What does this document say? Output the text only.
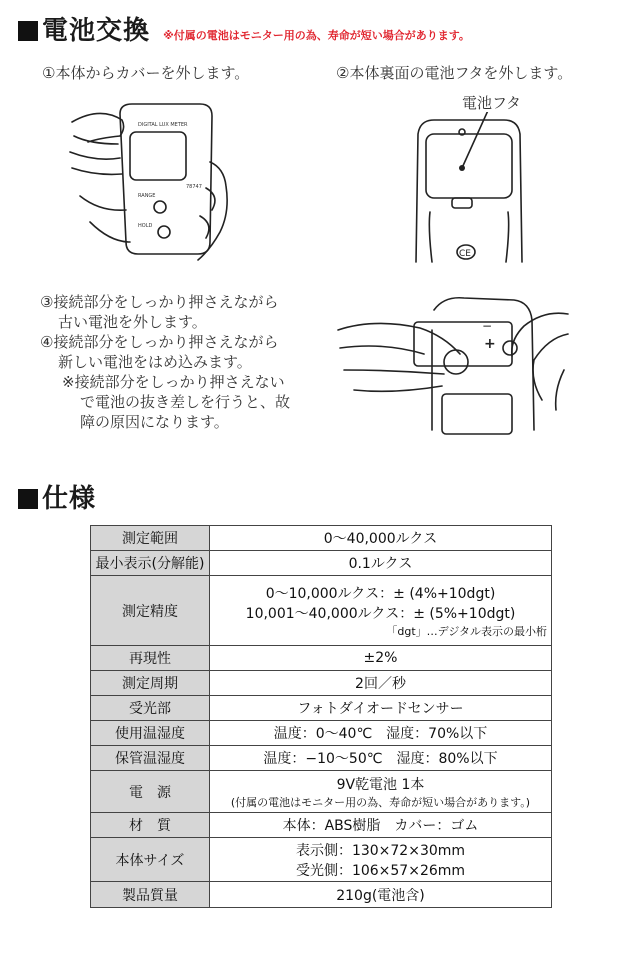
電池交換 ※付属の電池はモニター用の為、寿命が短い場合があります。
①本体からカバーを外します。	②本体裏面の電池フタを外します。
電池フタ
DIGITAL LUX METER
78747
RANGE
HOLD
CE
③接続部分をしっかり押さえながら
古い電池を外します。
④接続部分をしっかり押さえながら
新しい電池をはめ込みます。
※接続部分をしっかり押さえない
で電池の抜き差しを行うと、故
障の原因になります。
+
−
仕様
測定範囲	0〜40,000ルクス
最小表示(分解能)	0.1ルクス
測定精度	0〜10,000ルクス：± (4%+10dgt)
10,001〜40,000ルクス：± (5%+10dgt)
「dgt」…デジタル表示の最小桁

再現性	±2%
測定周期	2回／秒
受光部	フォトダイオードセンサー
使用温湿度	温度：0〜40℃　湿度：70%以下
保管温湿度	温度：−10〜50℃　湿度：80%以下
電　源	9V乾電池 1本
(付属の電池はモニター用の為、寿命が短い場合があります。)

材　質	本体：ABS樹脂　カバー：ゴム
本体サイズ	表示側：130×72×30mm
受光側：106×57×26mm

製品質量	210g(電池含)
